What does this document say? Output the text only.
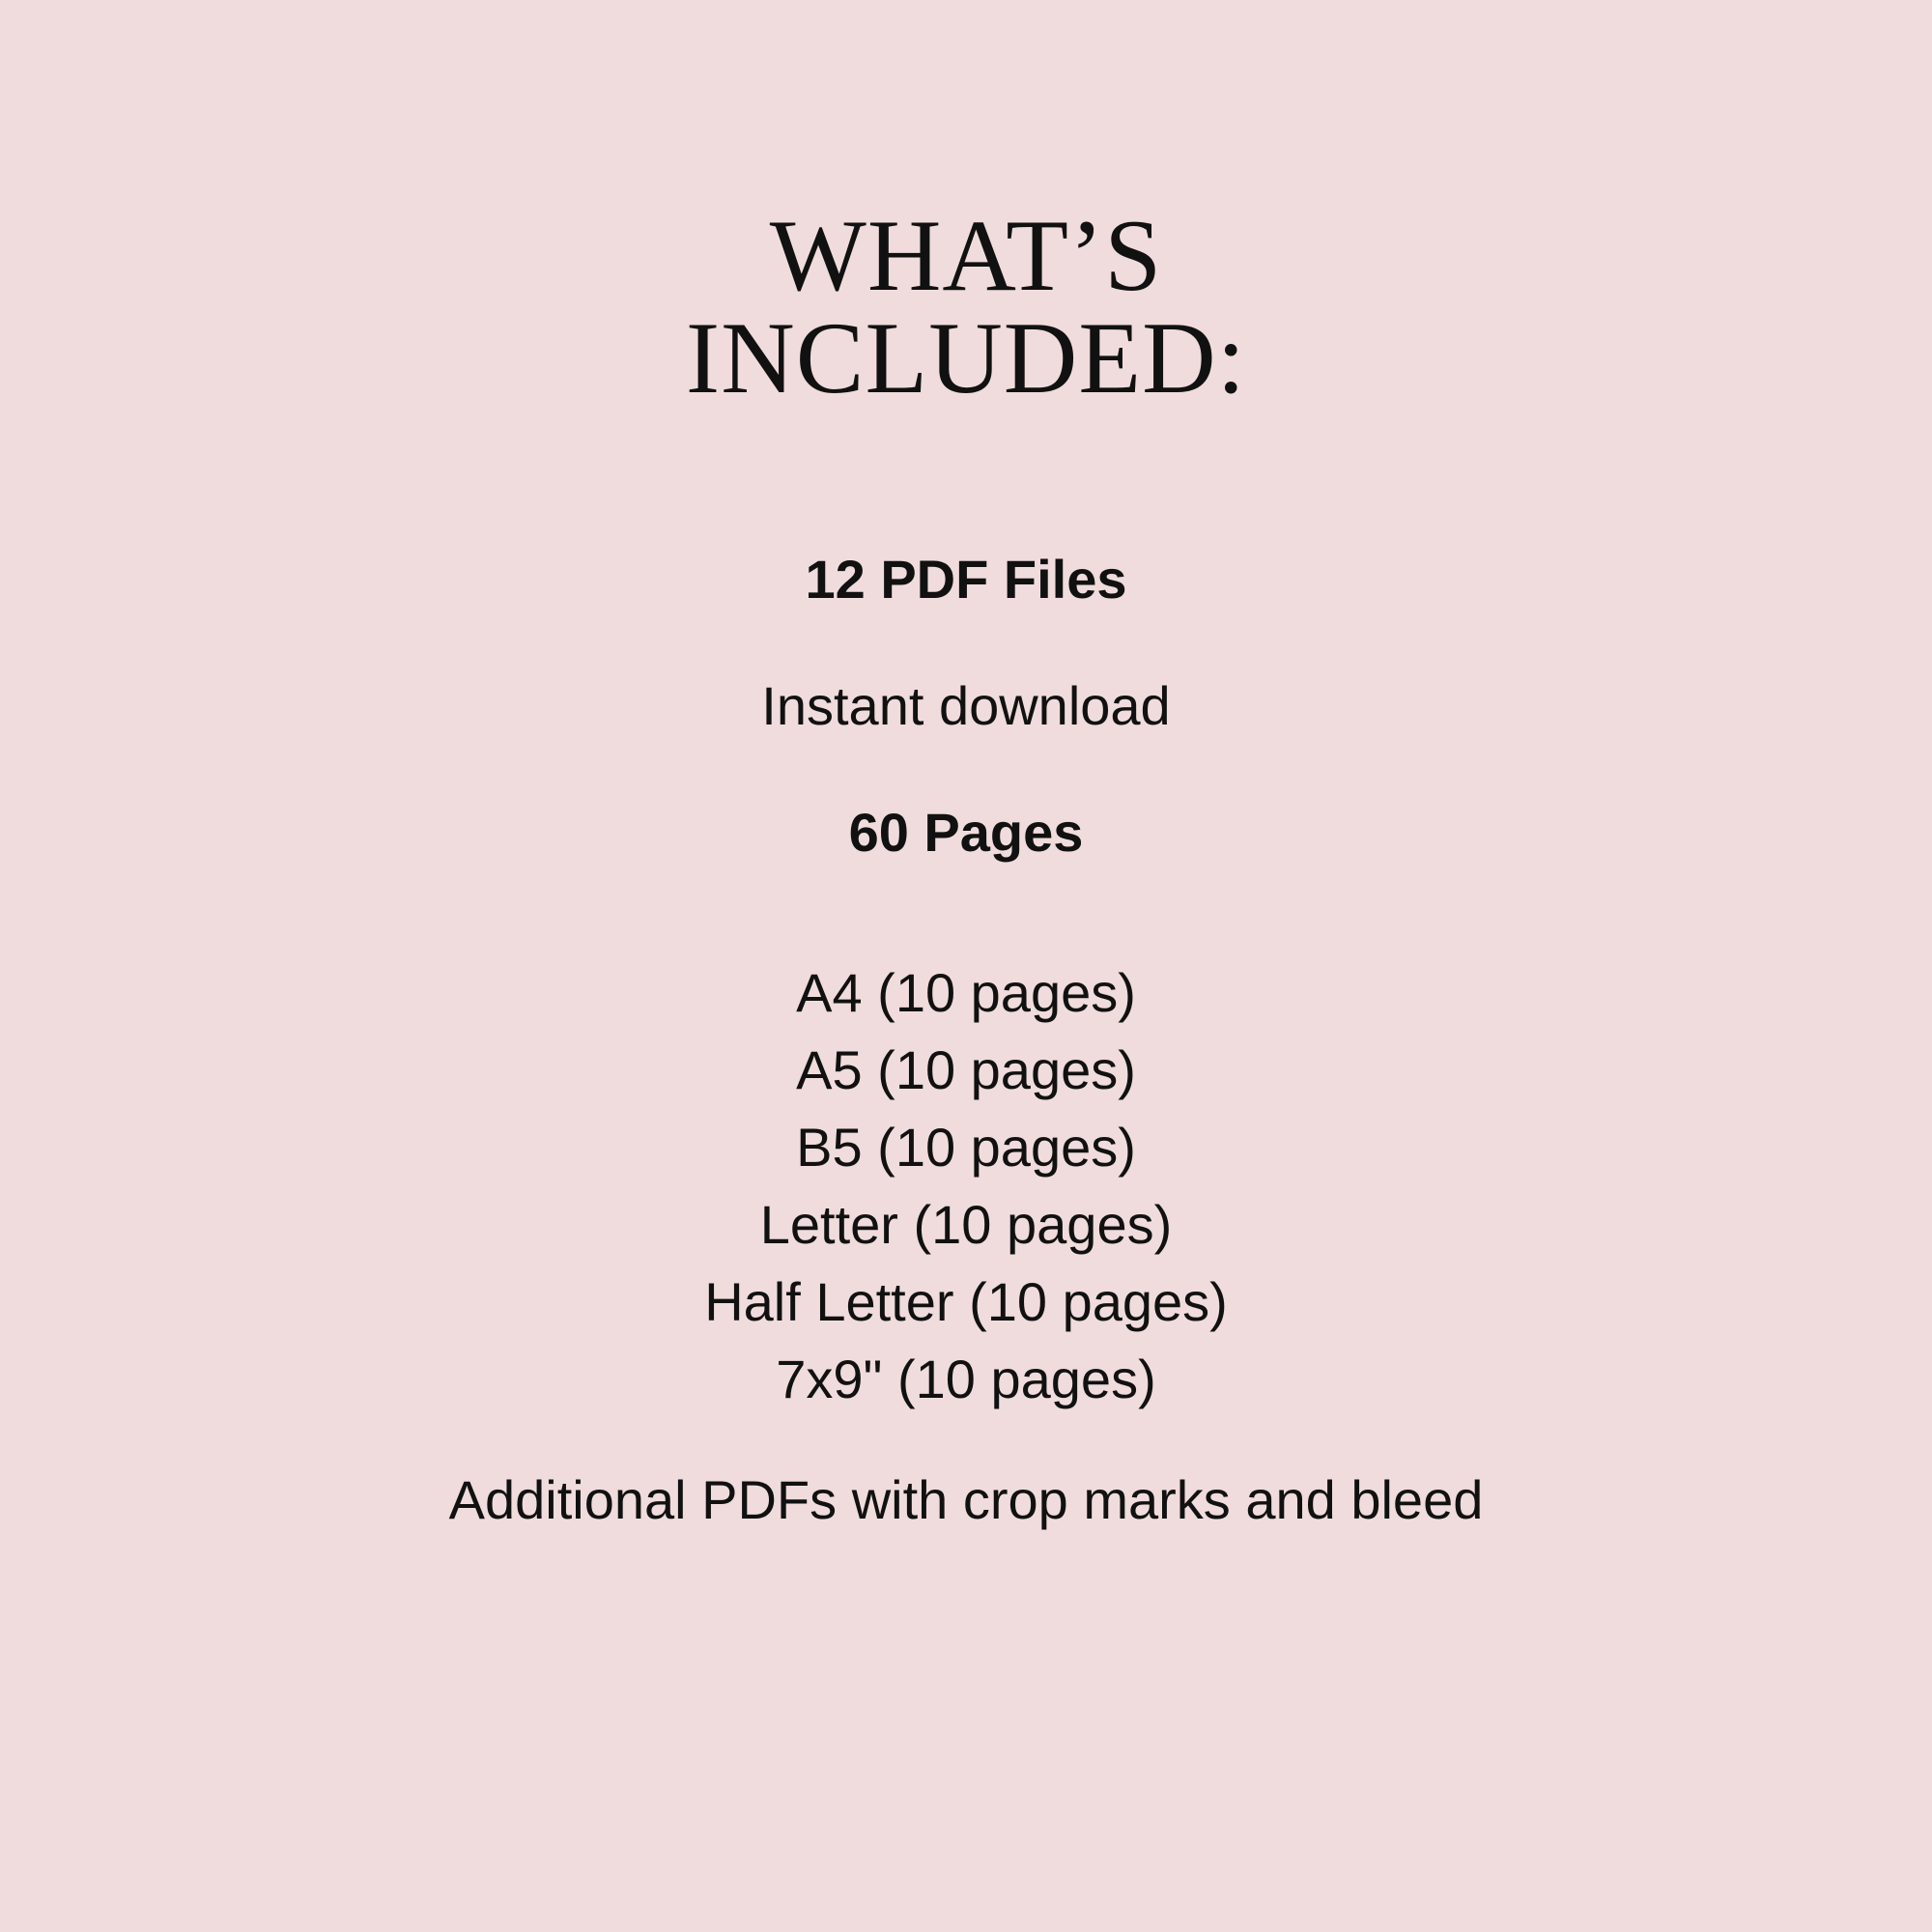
WHAT’S
INCLUDED:

12 PDF Files

Instant download

60 Pages

A4 (10 pages)
A5 (10 pages)
B5 (10 pages)
Letter (10 pages)
Half Letter (10 pages)
7x9" (10 pages)

Additional PDFs with crop marks and bleed
